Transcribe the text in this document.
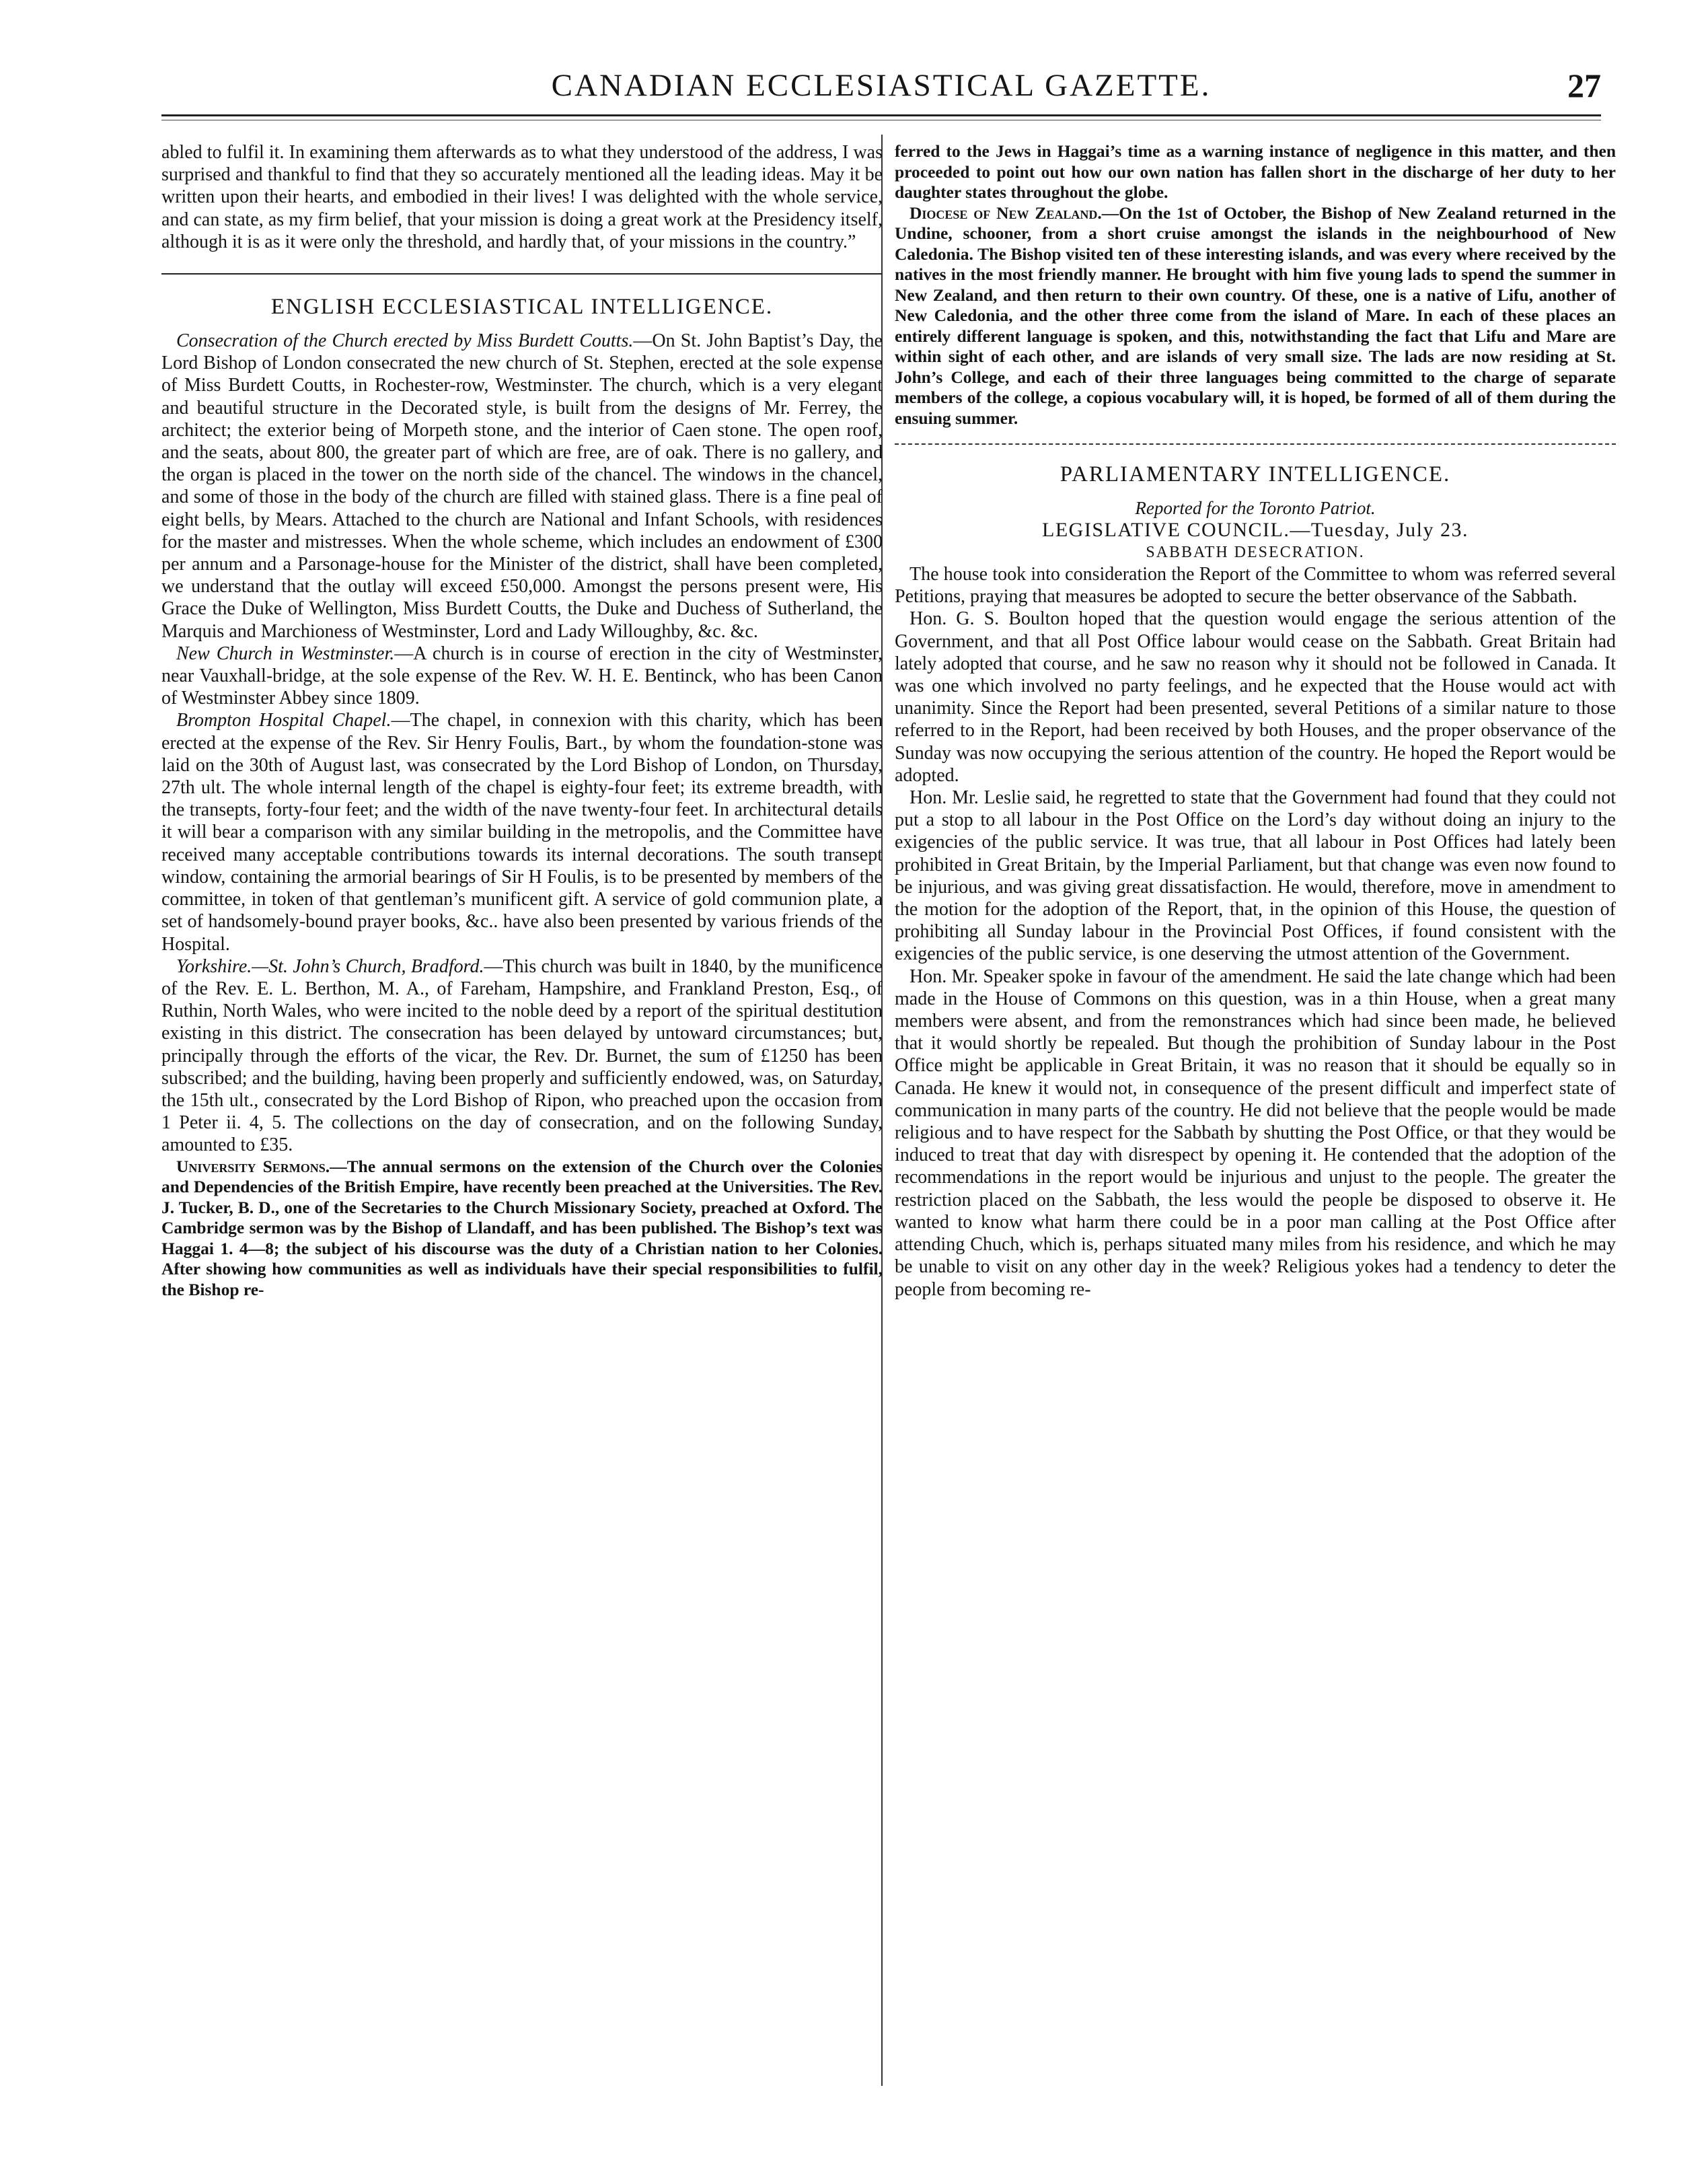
CANADIAN ECCLESIASTICAL GAZETTE.	27

abled to fulfil it. In examining them afterwards as to what they understood of the address, I was surprised and thankful to find that they so accurately mentioned all the leading ideas. May it be written upon their hearts, and embodied in their lives! I was delighted with the whole service, and can state, as my firm belief, that your mission is doing a great work at the Presidency itself, although it is as it were only the threshold, and hardly that, of your missions in the country.”

ENGLISH ECCLESIASTICAL INTELLIGENCE.

Consecration of the Church erected by Miss Burdett Coutts.—On St. John Baptist’s Day, the Lord Bishop of London consecrated the new church of St. Stephen, erected at the sole expense of Miss Burdett Coutts, in Rochester-row, Westminster. The church, which is a very elegant and beautiful structure in the Decorated style, is built from the designs of Mr. Ferrey, the architect; the exterior being of Morpeth stone, and the interior of Caen stone. The open roof, and the seats, about 800, the greater part of which are free, are of oak. There is no gallery, and the organ is placed in the tower on the north side of the chancel. The windows in the chancel, and some of those in the body of the church are filled with stained glass. There is a fine peal of eight bells, by Mears. Attached to the church are National and Infant Schools, with residences for the master and mistresses. When the whole scheme, which includes an endowment of £300 per annum and a Parsonage-house for the Minister of the district, shall have been completed, we understand that the outlay will exceed £50,000. Amongst the persons present were, His Grace the Duke of Wellington, Miss Burdett Coutts, the Duke and Duchess of Sutherland, the Marquis and Marchioness of Westminster, Lord and Lady Willoughby, &c. &c.

New Church in Westminster.—A church is in course of erection in the city of Westminster, near Vauxhall-bridge, at the sole expense of the Rev. W. H. E. Bentinck, who has been Canon of Westminster Abbey since 1809.

Brompton Hospital Chapel.—The chapel, in connexion with this charity, which has been erected at the expense of the Rev. Sir Henry Foulis, Bart., by whom the foundation-stone was laid on the 30th of August last, was consecrated by the Lord Bishop of London, on Thursday, 27th ult. The whole internal length of the chapel is eighty-four feet; its extreme breadth, with the transepts, forty-four feet; and the width of the nave twenty-four feet. In architectural details it will bear a comparison with any similar building in the metropolis, and the Committee have received many acceptable contributions towards its internal decorations. The south transept window, containing the armorial bearings of Sir H Foulis, is to be presented by members of the committee, in token of that gentleman’s munificent gift. A service of gold communion plate, a set of handsomely-bound prayer books, &c.. have also been presented by various friends of the Hospital.

Yorkshire.—St. John’s Church, Bradford.—This church was built in 1840, by the munificence of the Rev. E. L. Berthon, M. A., of Fareham, Hampshire, and Frankland Preston, Esq., of Ruthin, North Wales, who were incited to the noble deed by a report of the spiritual destitution existing in this district. The consecration has been delayed by untoward circumstances; but, principally through the efforts of the vicar, the Rev. Dr. Burnet, the sum of £1250 has been subscribed; and the building, having been properly and sufficiently endowed, was, on Saturday, the 15th ult., consecrated by the Lord Bishop of Ripon, who preached upon the occasion from 1 Peter ii. 4, 5. The collections on the day of consecration, and on the following Sunday, amounted to £35.

University Sermons.—The annual sermons on the extension of the Church over the Colonies and Dependencies of the British Empire, have recently been preached at the Universities. The Rev. J. Tucker, B. D., one of the Secretaries to the Church Missionary Society, preached at Oxford. The Cambridge sermon was by the Bishop of Llandaff, and has been published. The Bishop’s text was Haggai 1. 4—8; the subject of his discourse was the duty of a Christian nation to her Colonies. After showing how communities as well as individuals have their special responsibilities to fulfil, the Bishop re-

ferred to the Jews in Haggai’s time as a warning instance of negligence in this matter, and then proceeded to point out how our own nation has fallen short in the discharge of her duty to her daughter states throughout the globe.

Diocese of New Zealand.—On the 1st of October, the Bishop of New Zealand returned in the Undine, schooner, from a short cruise amongst the islands in the neighbourhood of New Caledonia. The Bishop visited ten of these interesting islands, and was every where received by the natives in the most friendly manner. He brought with him five young lads to spend the summer in New Zealand, and then return to their own country. Of these, one is a native of Lifu, another of New Caledonia, and the other three come from the island of Mare. In each of these places an entirely different language is spoken, and this, notwithstanding the fact that Lifu and Mare are within sight of each other, and are islands of very small size. The lads are now residing at St. John’s College, and each of their three languages being committed to the charge of separate members of the college, a copious vocabulary will, it is hoped, be formed of all of them during the ensuing summer.

PARLIAMENTARY INTELLIGENCE.

Reported for the Toronto Patriot.

LEGISLATIVE COUNCIL.—Tuesday, July 23.

SABBATH DESECRATION.

The house took into consideration the Report of the Committee to whom was referred several Petitions, praying that measures be adopted to secure the better observance of the Sabbath.

Hon. G. S. Boulton hoped that the question would engage the serious attention of the Government, and that all Post Office labour would cease on the Sabbath. Great Britain had lately adopted that course, and he saw no reason why it should not be followed in Canada. It was one which involved no party feelings, and he expected that the House would act with unanimity. Since the Report had been presented, several Petitions of a similar nature to those referred to in the Report, had been received by both Houses, and the proper observance of the Sunday was now occupying the serious attention of the country. He hoped the Report would be adopted.

Hon. Mr. Leslie said, he regretted to state that the Government had found that they could not put a stop to all labour in the Post Office on the Lord’s day without doing an injury to the exigencies of the public service. It was true, that all labour in Post Offices had lately been prohibited in Great Britain, by the Imperial Parliament, but that change was even now found to be injurious, and was giving great dissatisfaction. He would, therefore, move in amendment to the motion for the adoption of the Report, that, in the opinion of this House, the question of prohibiting all Sunday labour in the Provincial Post Offices, if found consistent with the exigencies of the public service, is one deserving the utmost attention of the Government.

Hon. Mr. Speaker spoke in favour of the amendment. He said the late change which had been made in the House of Commons on this question, was in a thin House, when a great many members were absent, and from the remonstrances which had since been made, he believed that it would shortly be repealed. But though the prohibition of Sunday labour in the Post Office might be applicable in Great Britain, it was no reason that it should be equally so in Canada. He knew it would not, in consequence of the present difficult and imperfect state of communication in many parts of the country. He did not believe that the people would be made religious and to have respect for the Sabbath by shutting the Post Office, or that they would be induced to treat that day with disrespect by opening it. He contended that the adoption of the recommendations in the report would be injurious and unjust to the people. The greater the restriction placed on the Sabbath, the less would the people be disposed to observe it. He wanted to know what harm there could be in a poor man calling at the Post Office after attending Chuch, which is, perhaps situated many miles from his residence, and which he may be unable to visit on any other day in the week? Religious yokes had a tendency to deter the people from becoming re-
